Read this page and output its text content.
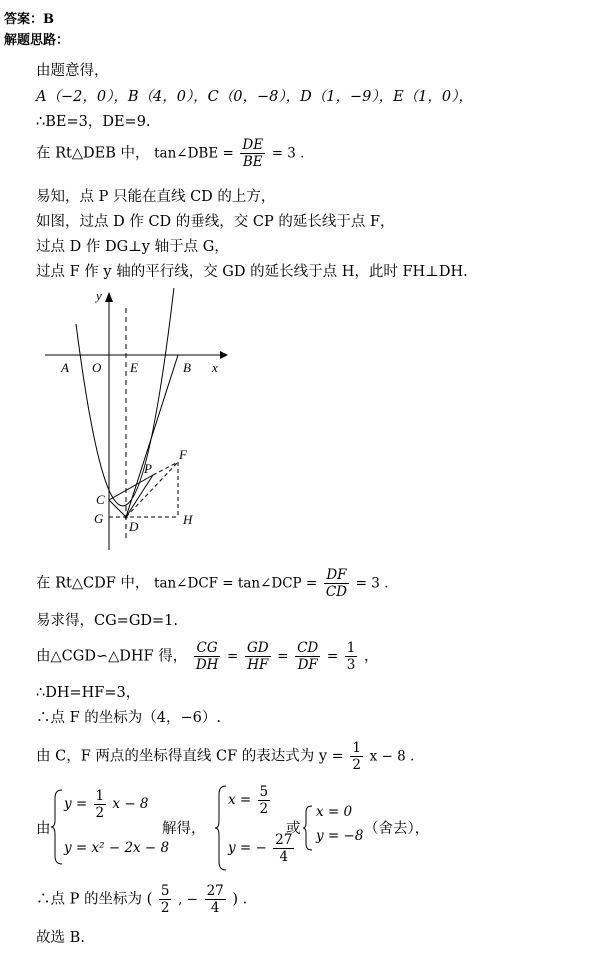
答案：B
解题思路：
由题意得，
A（−2，0），B（4，0），C（0，−8），D（1，−9），E（1，0），
∴BE=3，DE=9.
在 Rt△DEB 中， tan∠DBE = $\frac{DE}{BE} = 3$ .
易知，点 P 只能在直线 CD 的上方，
如图，过点 D 作 CD 的垂线，交 CP 的延长线于点 F，
过点 D 作 DG⊥y 轴于点 G，
过点 F 作 y 轴的平行线，交 GD 的延长线于点 H，此时 FH⊥DH.
y
x
A O E	B
P
F
C
G
D	H
在 Rt△CDF 中， tan∠DCF = tan∠DCP = $\frac{DF}{CD} = 3$ .
易求得，CG=GD=1.
由△CGD∽△DHF 得， $\frac{CG}{DH} = \frac{GD}{HF} = \frac{CD}{DF} = \frac{1}{3}$ ，
∴DH=HF=3，
∴点 F 的坐标为（4，−6）.
由 C，F 两点的坐标得直线 CF 的表达式为 $y = \frac{1}{2}$ x − 8 .
由
$y = \frac{1}{2}$ x − 8
y = x² − 2x − 8
解得，
$x = \frac{5}{2}$
y = − $\frac{27}{4}$
或
x = 0
y = −8 （舍去），
∴点 P 的坐标为 ( $\frac{5}{2}$ , − $\frac{27}{4}$ ) .
故选 B.
